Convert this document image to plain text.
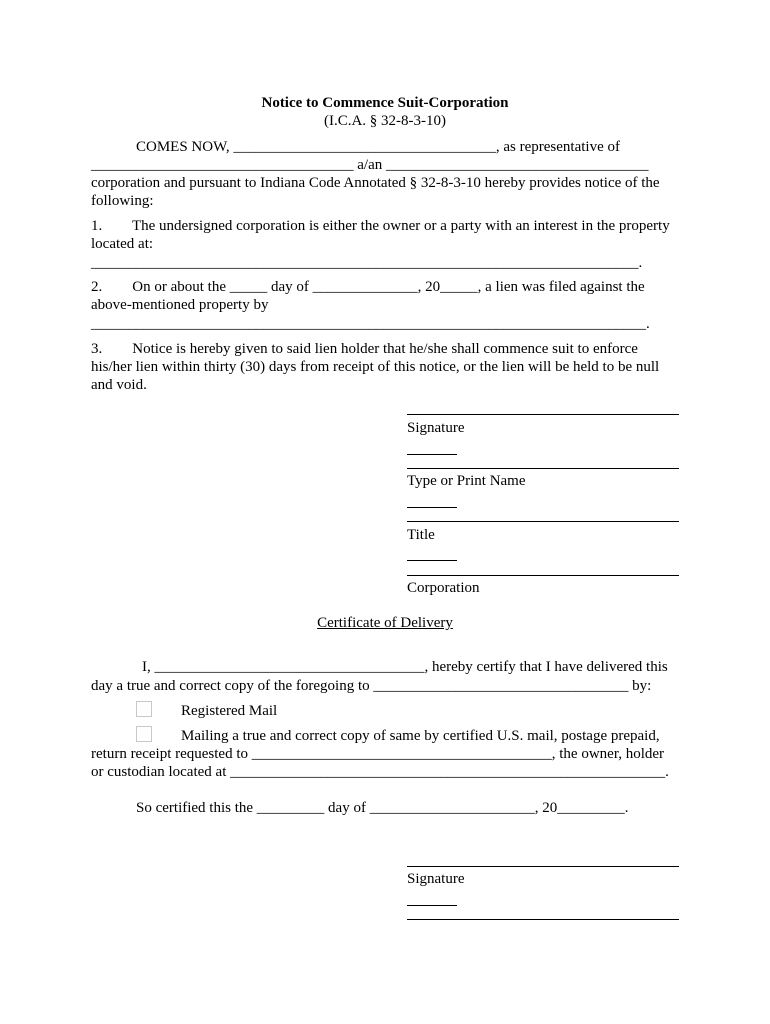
Notice to Commence Suit-Corporation
(I.C.A. § 32-8-3-10)
COMES NOW, ___________________________________, as representative of
___________________________________ a/an ___________________________________
corporation and pursuant to Indiana Code Annotated § 32-8-3-10 hereby provides notice of the
following:
1.        The undersigned corporation is either the owner or a party with an interest in the property
located at:
_________________________________________________________________________.
2.        On or about the _____ day of ______________, 20_____, a lien was filed against the
above-mentioned property by
__________________________________________________________________________.
3.        Notice is hereby given to said lien holder that he/she shall commence suit to enforce
his/her lien within thirty (30) days from receipt of this notice, or the lien will be held to be null
and void.
Signature
Type or Print Name
Title
Corporation
Certificate of Delivery
I, ____________________________________, hereby certify that I have delivered this
day a true and correct copy of the foregoing to __________________________________ by:
Registered Mail
Mailing a true and correct copy of same by certified U.S. mail, postage prepaid,
return receipt requested to ________________________________________, the owner, holder
or custodian located at __________________________________________________________.
So certified this the _________ day of ______________________, 20_________.
Signature
